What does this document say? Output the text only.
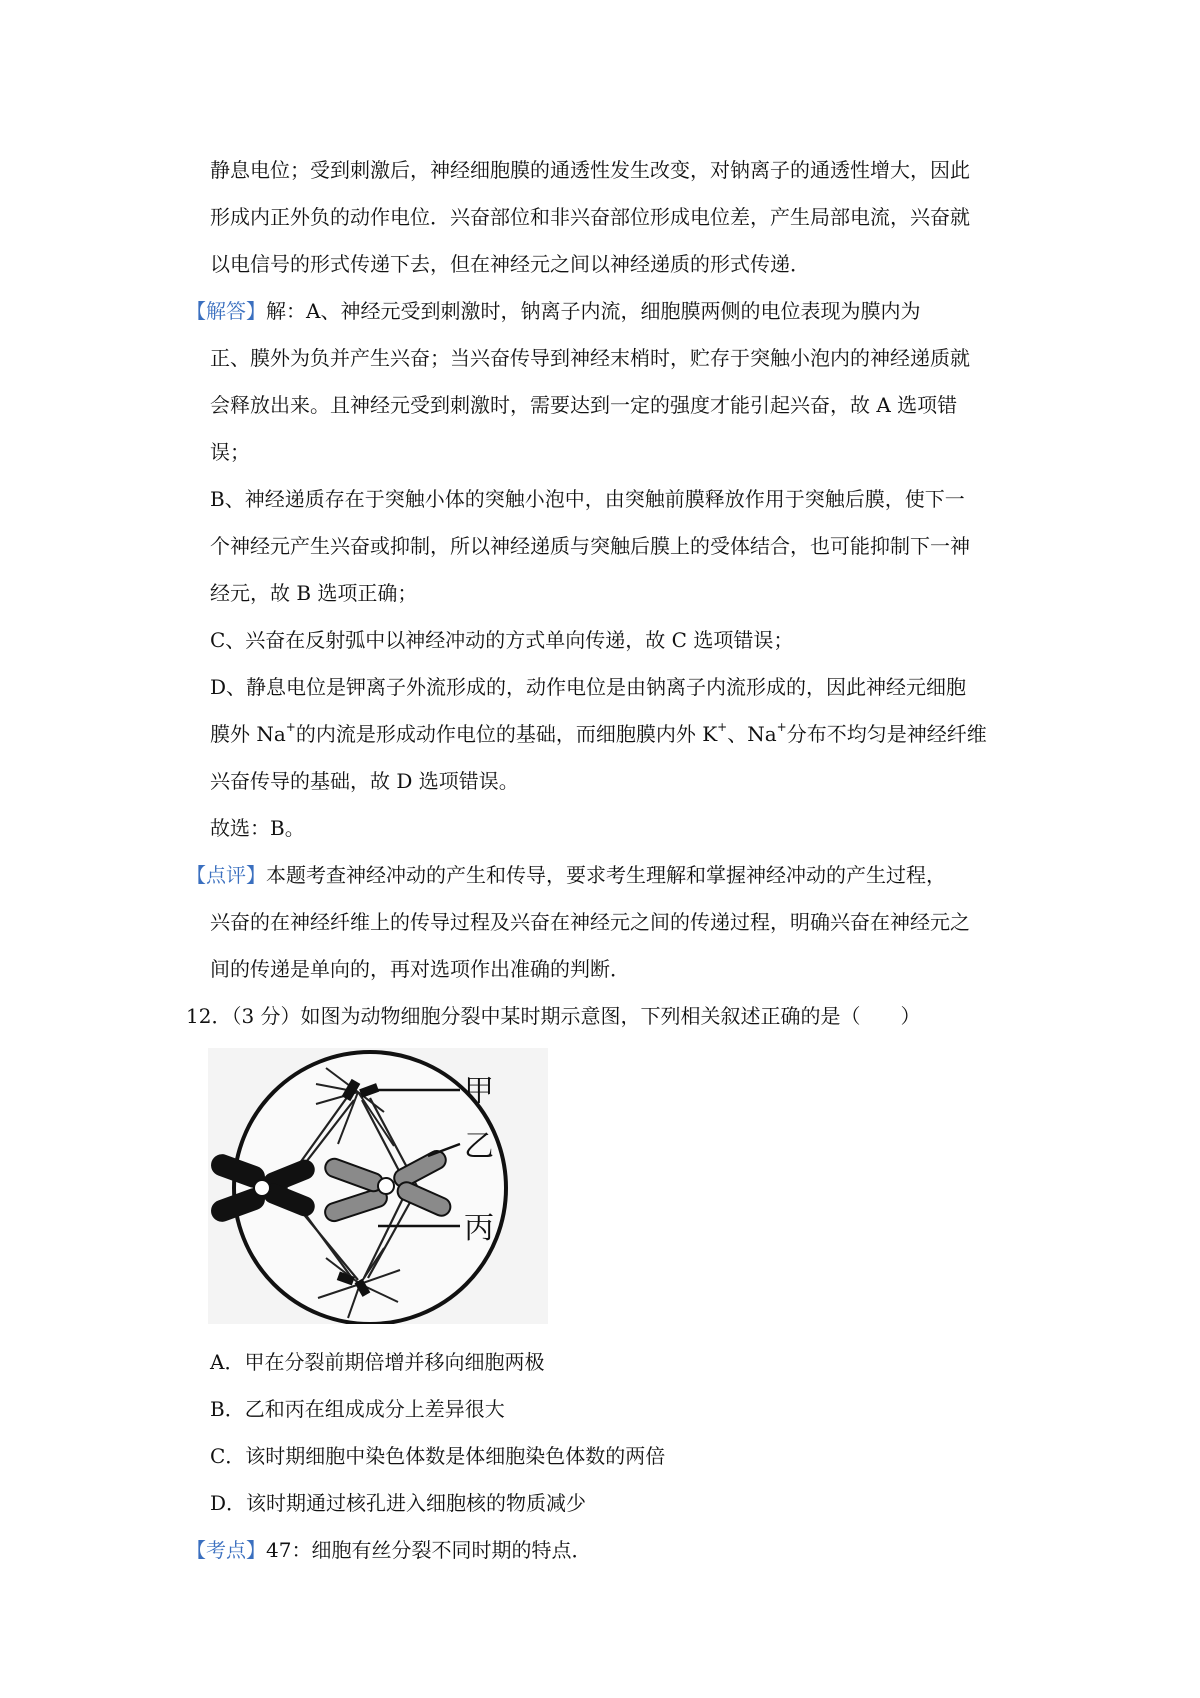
静息电位；受到刺激后，神经细胞膜的通透性发生改变，对钠离子的通透性增大，因此
形成内正外负的动作电位．兴奋部位和非兴奋部位形成电位差，产生局部电流，兴奋就
以电信号的形式传递下去，但在神经元之间以神经递质的形式传递．
【解答】解：A、神经元受到刺激时，钠离子内流，细胞膜两侧的电位表现为膜内为
正、膜外为负并产生兴奋；当兴奋传导到神经末梢时，贮存于突触小泡内的神经递质就
会释放出来。且神经元受到刺激时，需要达到一定的强度才能引起兴奋，故 A 选项错
误；
B、神经递质存在于突触小体的突触小泡中，由突触前膜释放作用于突触后膜，使下一
个神经元产生兴奋或抑制，所以神经递质与突触后膜上的受体结合，也可能抑制下一神
经元，故 B 选项正确；
C、兴奋在反射弧中以神经冲动的方式单向传递，故 C 选项错误；
D、静息电位是钾离子外流形成的，动作电位是由钠离子内流形成的，因此神经元细胞
膜外 Na+的内流是形成动作电位的基础，而细胞膜内外 K+、Na+分布不均匀是神经纤维
兴奋传导的基础，故 D 选项错误。
故选：B。
【点评】本题考查神经冲动的产生和传导，要求考生理解和掌握神经冲动的产生过程，
兴奋的在神经纤维上的传导过程及兴奋在神经元之间的传递过程，明确兴奋在神经元之
间的传递是单向的，再对选项作出准确的判断．
12．（3 分）如图为动物细胞分裂中某时期示意图，下列相关叙述正确的是（　　）
甲
乙
丙
A．甲在分裂前期倍增并移向细胞两极
B．乙和丙在组成成分上差异很大
C．该时期细胞中染色体数是体细胞染色体数的两倍
D．该时期通过核孔进入细胞核的物质减少
【考点】47：细胞有丝分裂不同时期的特点．
